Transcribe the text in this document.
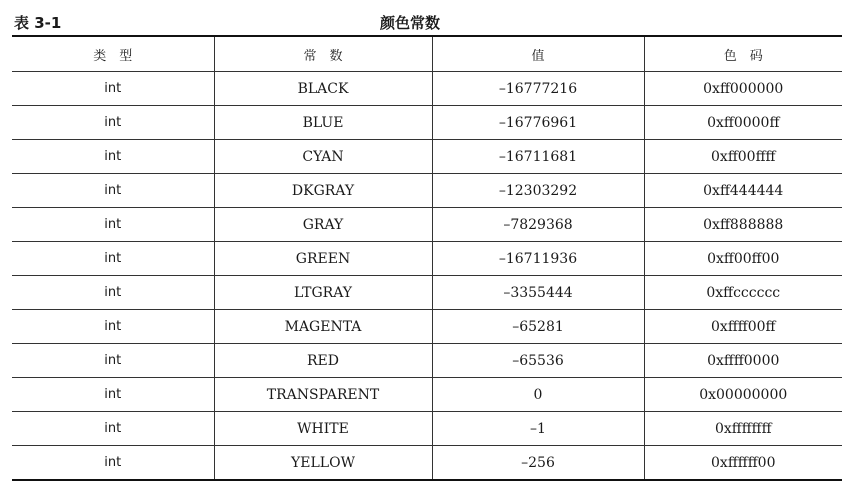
表 3-1	颜色常数
类　型	常　数	值	色　码
int	BLACK	–16777216	0xff000000
int	BLUE	–16776961	0xff0000ff
int	CYAN	–16711681	0xff00ffff
int	DKGRAY	–12303292	0xff444444
int	GRAY	–7829368	0xff888888
int	GREEN	–16711936	0xff00ff00
int	LTGRAY	–3355444	0xffcccccc
int	MAGENTA	–65281	0xffff00ff
int	RED	–65536	0xffff0000
int	TRANSPARENT	0	0x00000000
int	WHITE	–1	0xffffffff
int	YELLOW	–256	0xffffff00
